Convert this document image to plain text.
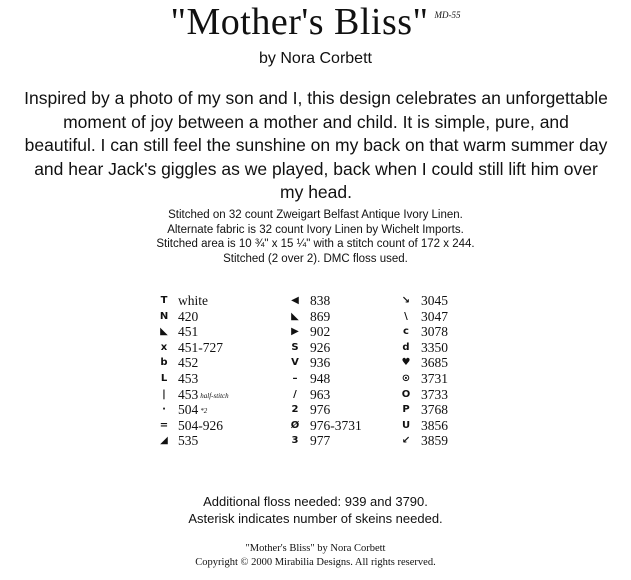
"Mother's Bliss" $^{MD-55}$
by Nora Corbett
Inspired by a photo of my son and I, this design celebrates an unforgettable
moment of joy between a mother and child. It is simple, pure, and
beautiful. I can still feel the sunshine on my back on that warm summer day
and hear Jack's giggles as we played, back when I could still lift him over
my head.
Stitched on 32 count Zweigart Belfast Antique Ivory Linen.
Alternate fabric is 32 count Ivory Linen by Wichelt Imports.
Stitched area is 10 ¾" x 15 ¼" with a stitch count of 172 x 244.
Stitched (2 over 2). DMC floss used.
T white
N 420
◣ 451
x 451-727
b 452
L 453
| 453 half-stitch
· 504 *2
= 504-926
◢ 535
◀ 838
◣ 869
▶ 902
S 926
V 936
– 948
/ 963
2 976
Ø 976-3731
3 977
↘ 3045
\ 3047
c 3078
d 3350
♥ 3685
⊙ 3731
O 3733
P 3768
U 3856
↙ 3859
Additional floss needed: 939 and 3790.
Asterisk indicates number of skeins needed.
"Mother's Bliss" by Nora Corbett
Copyright © 2000 Mirabilia Designs. All rights reserved.
